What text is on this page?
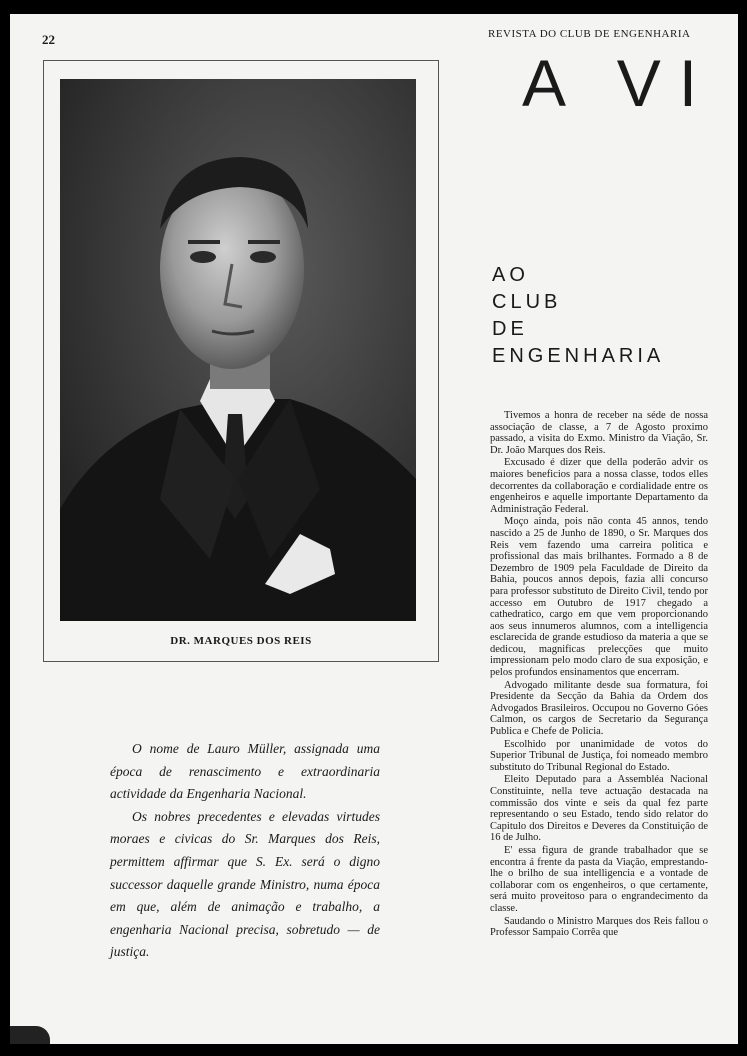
22	REVISTA DO CLUB DE ENGENHARIA
A VI
DR. MARQUES DOS REIS
AO
CLUB
DE
ENGENHARIA

Tivemos a honra de receber na séde de nossa associação de classe, a 7 de Agosto proximo passado, a visita do Exmo. Ministro da Viação, Sr. Dr. João Marques dos Reis.

Excusado é dizer que della poderão advir os maiores beneficios para a nossa classe, todos elles decorrentes da collaboração e cordialidade entre os engenheiros e aquelle importante Departamento da Administração Federal.

Moço ainda, pois não conta 45 annos, tendo nascido a 25 de Junho de 1890, o Sr. Marques dos Reis vem fazendo uma carreira politica e profissional das mais brilhantes. Formado a 8 de Dezembro de 1909 pela Faculdade de Direito da Bahia, poucos annos depois, fazia alli concurso para professor substituto de Direito Civil, tendo por accesso em Outubro de 1917 chegado a cathedratico, cargo em que vem proporcionando aos seus innumeros alumnos, com a intelligencia esclarecida de grande estudioso da materia a que se dedicou, magnificas prelecções que muito impressionam pelo modo claro de sua exposição, e pelos profundos ensinamentos que encerram.

Advogado militante desde sua formatura, foi Presidente da Secção da Bahia da Ordem dos Advogados Brasileiros. Occupou no Governo Góes Calmon, os cargos de Secretario da Segurança Publica e Chefe de Policia.

Escolhido por unanimidade de votos do Superior Tribunal de Justiça, foi nomeado membro substituto do Tribunal Regional do Estado.

Eleito Deputado para a Assembléa Nacional Constituinte, nella teve actuação destacada na commissão dos vinte e seis da qual fez parte representando o seu Estado, tendo sido relator do Capitulo dos Direitos e Deveres da Constituição de 16 de Julho.

E' essa figura de grande trabalhador que se encontra á frente da pasta da Viação, emprestando-lhe o brilho de sua intelligencia e a vontade de collaborar com os engenheiros, o que certamente, será muito proveitoso para o engrandecimento da classe.

Saudando o Ministro Marques dos Reis fallou o Professor Sampaio Corrêa que

O nome de Lauro Müller, assignada uma época de renascimento e extraordinaria actividade da Engenharia Nacional.

Os nobres precedentes e elevadas virtudes moraes e civicas do Sr. Marques dos Reis, permittem affirmar que S. Ex. será o digno successor daquelle grande Ministro, numa época em que, além de animação e trabalho, a engenharia Nacional precisa, sobretudo — de justiça.
